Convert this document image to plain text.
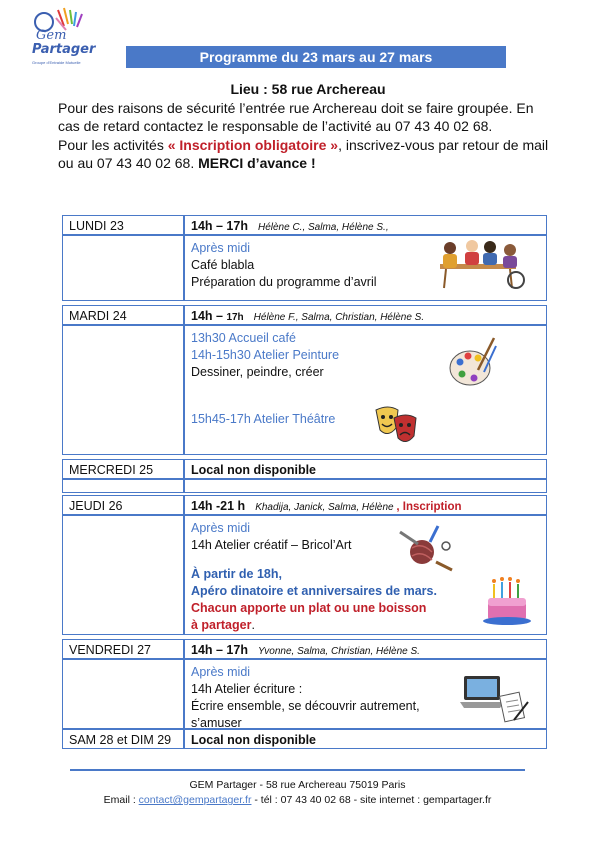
Gem
Partager
Groupe d'Entraide Mutuelle	Programme du 23 mars au 27 mars

Lieu : 58 rue Archereau

Pour des raisons de sécurité l’entrée rue Archereau doit se faire groupée. En cas de retard contactez le responsable de l’activité au 07 43 40 02 68.

Pour les activités « Inscription obligatoire », inscrivez-vous par retour de mail ou au 07 43 40 02 68. MERCI d’avance !

LUNDI 23	14h – 17h Hélène C., Salma, Hélène S.,
Après midi
Café blabla
Préparation du programme d’avril
MARDI 24	14h – 17h Hélène F., Salma, Christian, Hélène S.
13h30 Accueil café
14h-15h30 Atelier Peinture
Dessiner, peindre, créer
15h45-17h Atelier Théâtre
MERCREDI 25	Local non disponible
JEUDI 26	14h -21 h Khadija, Janick, Salma, Hélène , Inscription
Après midi
14h Atelier créatif – Bricol’Art
À partir de 18h,
Apéro dinatoire et anniversaires de mars.
Chacun apporte un plat ou une boisson
à partager.
VENDREDI 27	14h – 17h Yvonne, Salma, Christian, Hélène S.
Après midi
14h Atelier écriture :
Écrire ensemble, se découvrir autrement,
s’amuser
SAM 28 et DIM 29 Local non disponible
GEM Partager - 58 rue Archereau 75019 Paris
Email : contact@gempartager.fr - tél : 07 43 40 02 68 - site internet : gempartager.fr
